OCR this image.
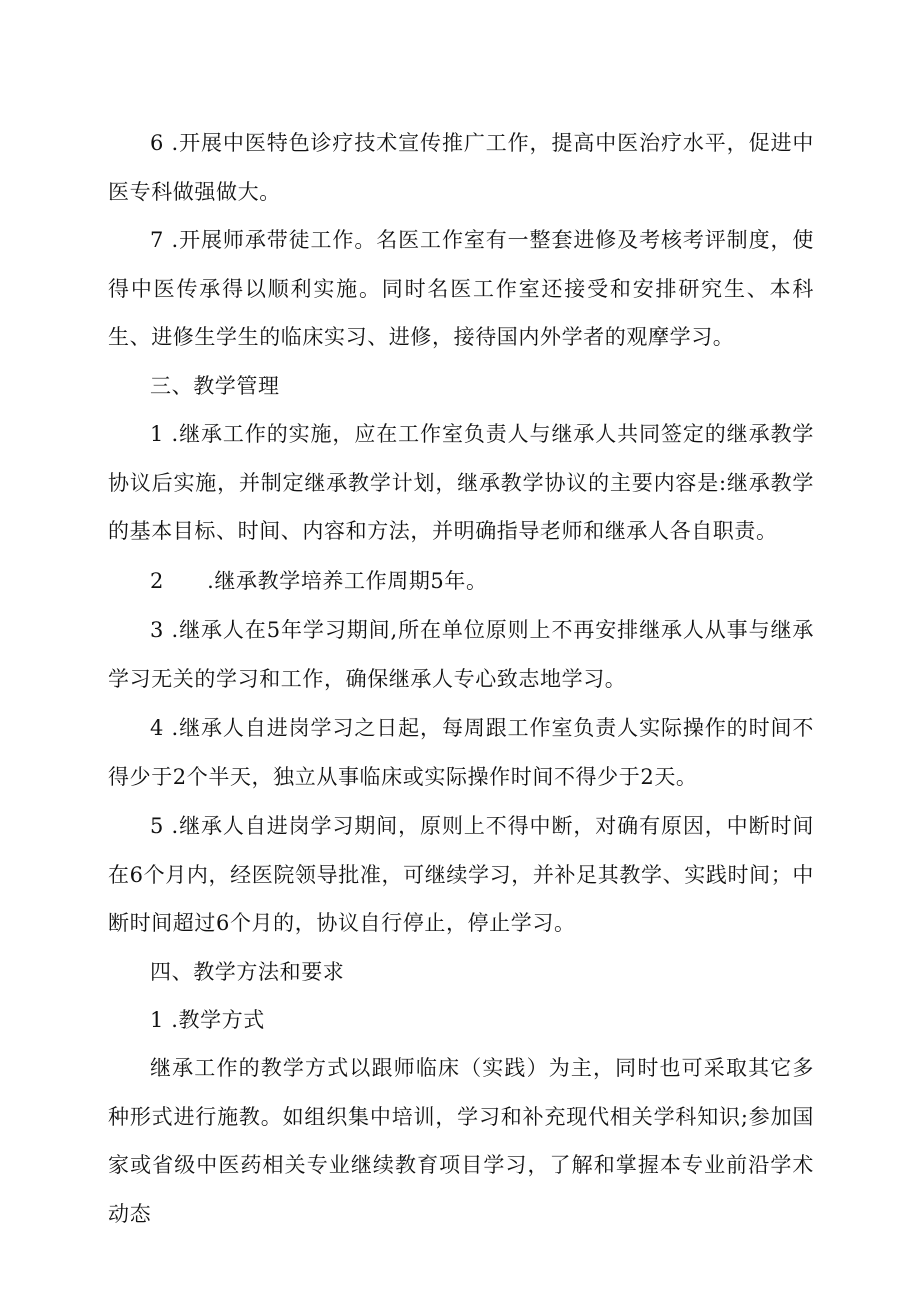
6 .开展中医特色诊疗技术宣传推广工作，提高中医治疗水平，促进中医专科做强做大。

7 .开展师承带徒工作。名医工作室有一整套进修及考核考评制度，使得中医传承得以顺利实施。同时名医工作室还接受和安排研究生、本科生、进修生学生的临床实习、进修，接待国内外学者的观摩学习。

三、教学管理

1 .继承工作的实施，应在工作室负责人与继承人共同签定的继承教学协议后实施，并制定继承教学计划，继承教学协议的主要内容是:继承教学的基本目标、时间、内容和方法，并明确指导老师和继承人各自职责。

2　　.继承教学培养工作周期5年。

3 .继承人在5年学习期间,所在单位原则上不再安排继承人从事与继承学习无关的学习和工作，确保继承人专心致志地学习。

4 .继承人自进岗学习之日起，每周跟工作室负责人实际操作的时间不得少于2个半天，独立从事临床或实际操作时间不得少于2天。

5 .继承人自进岗学习期间，原则上不得中断，对确有原因，中断时间在6个月内，经医院领导批准，可继续学习，并补足其教学、实践时间；中断时间超过6个月的，协议自行停止，停止学习。

四、教学方法和要求

1 .教学方式

继承工作的教学方式以跟师临床（实践）为主，同时也可采取其它多种形式进行施教。如组织集中培训，学习和补充现代相关学科知识;参加国家或省级中医药相关专业继续教育项目学习，了解和掌握本专业前沿学术动态
